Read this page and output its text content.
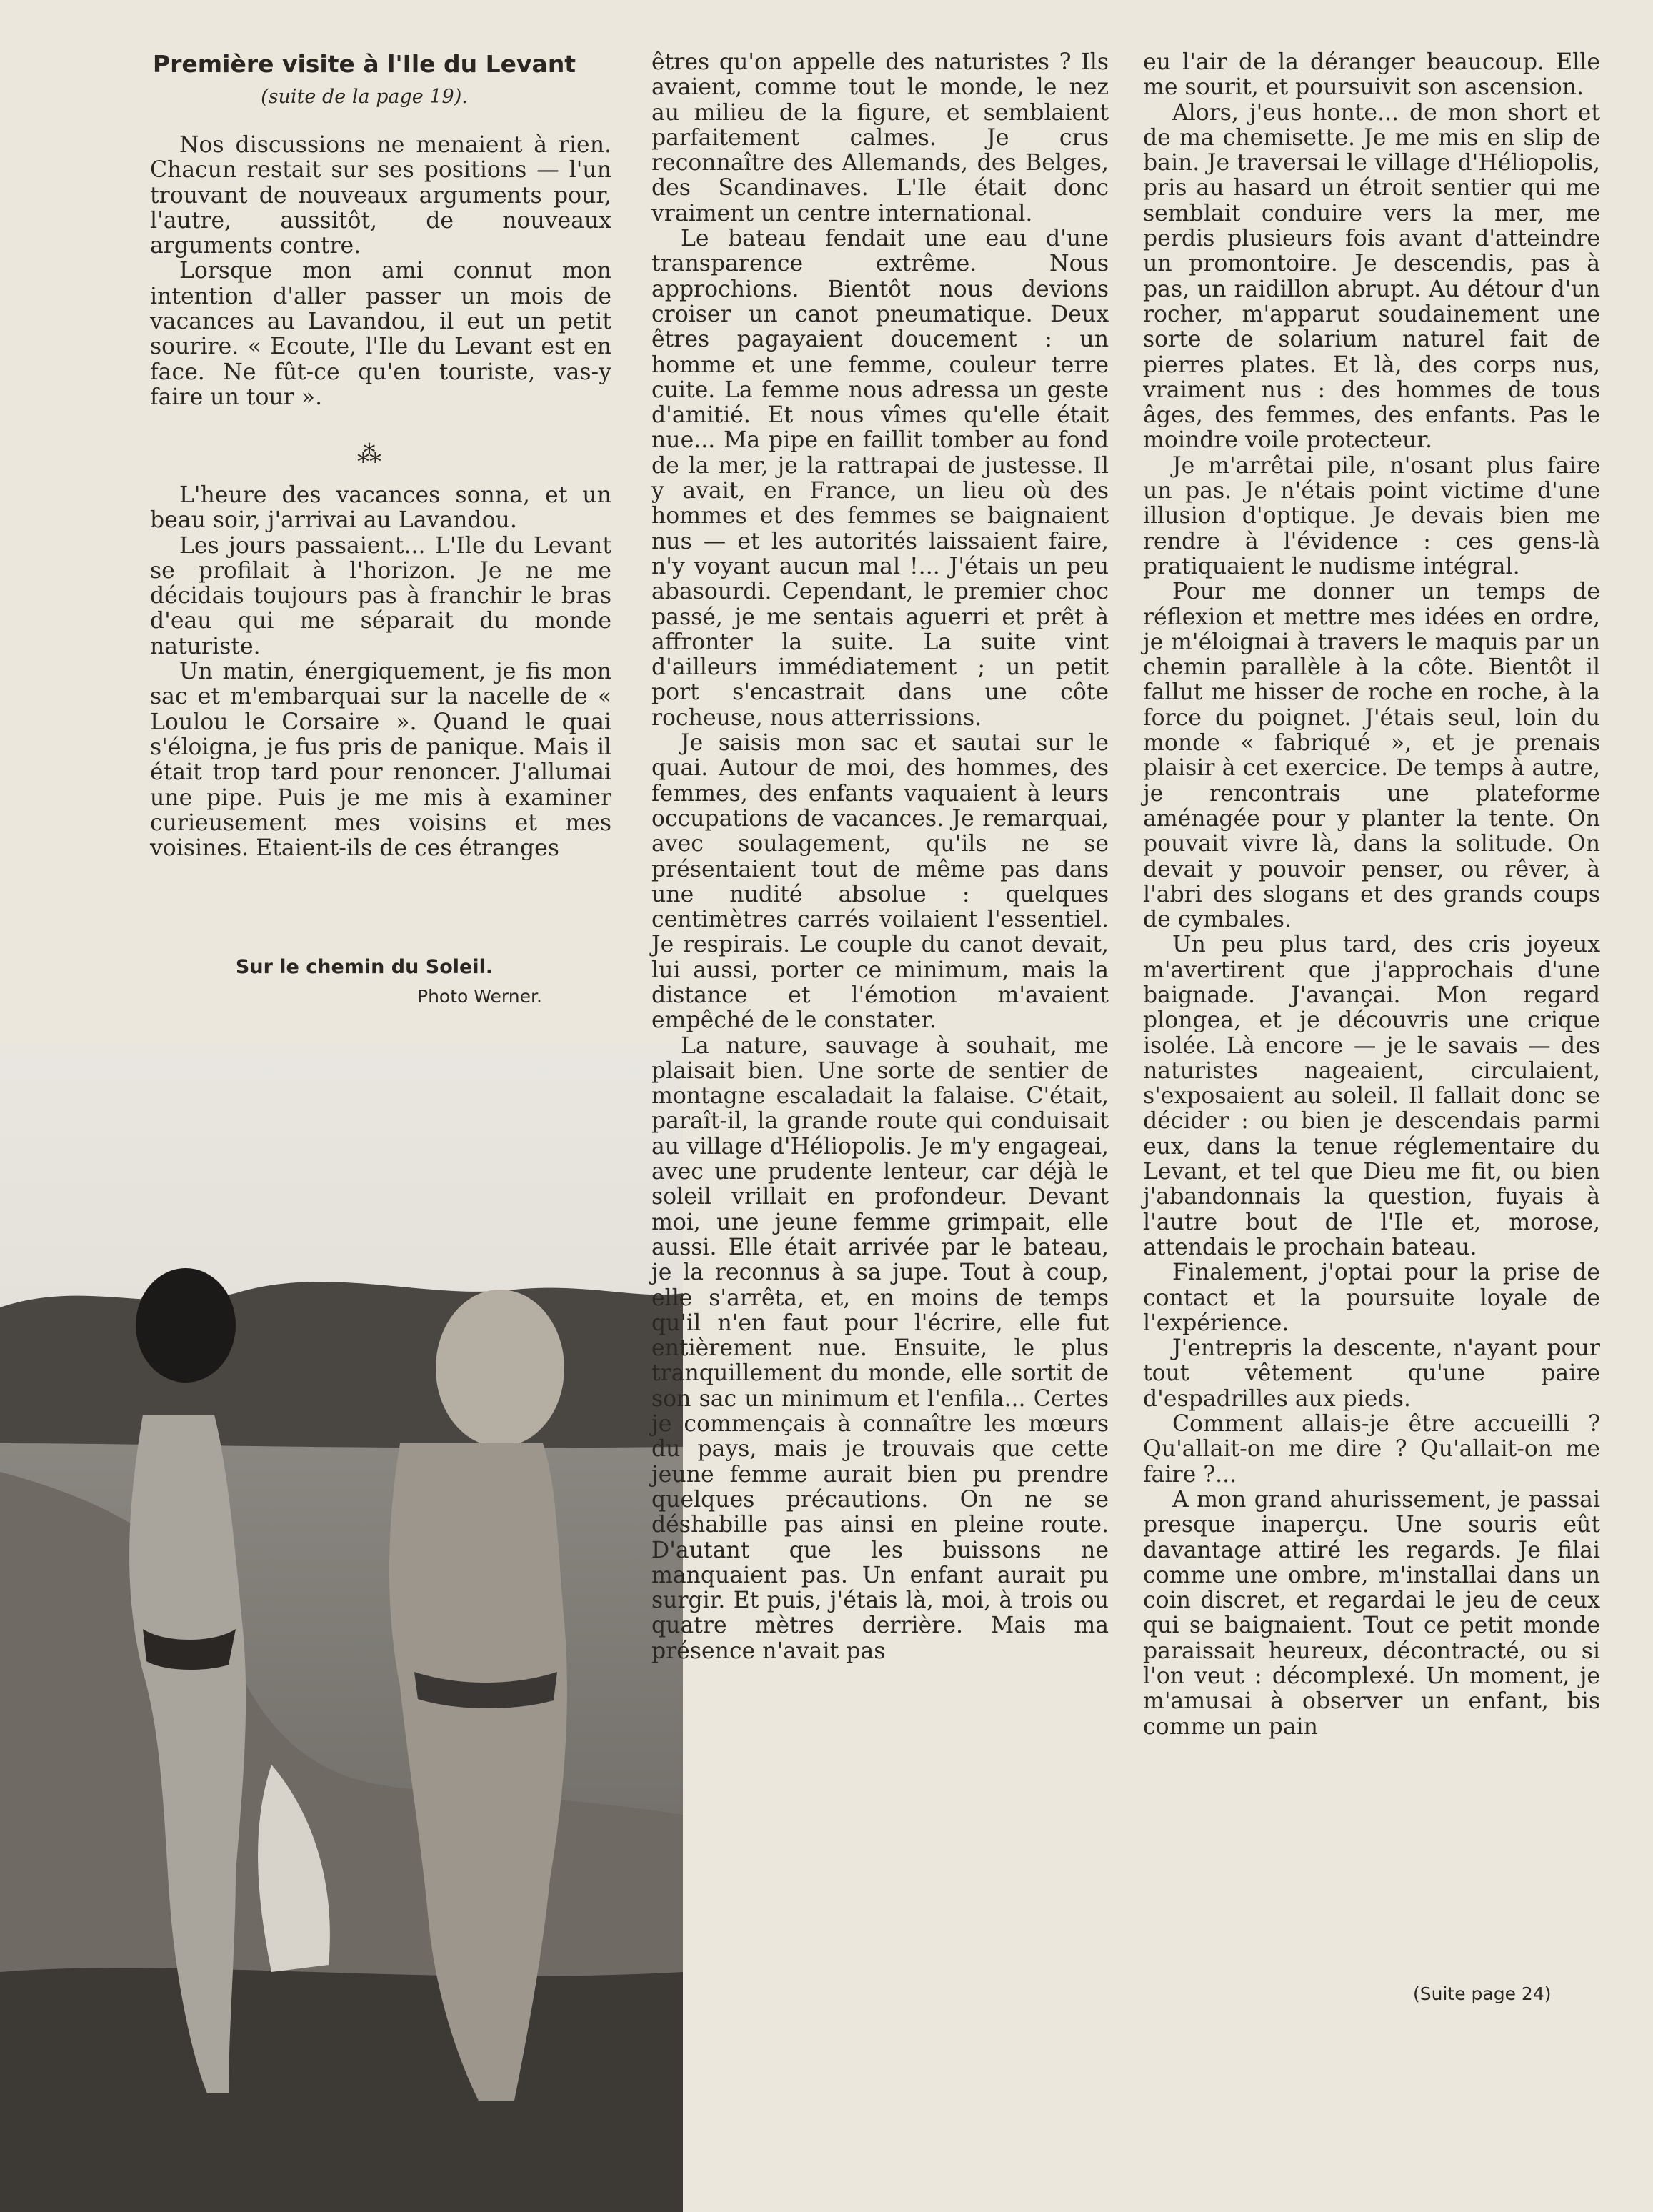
Première visite à l'Ile du Levant
(suite de la page 19).

Nos discussions ne menaient à rien. Chacun restait sur ses positions — l'un trouvant de nouveaux arguments pour, l'autre, aussitôt, de nouveaux arguments contre.

Lorsque mon ami connut mon intention d'aller passer un mois de vacances au Lavandou, il eut un petit sourire. « Ecoute, l'Ile du Levant est en face. Ne fût-ce qu'en touriste, vas-y faire un tour ».

⁂

L'heure des vacances sonna, et un beau soir, j'arrivai au Lavandou.

Les jours passaient... L'Ile du Levant se profilait à l'horizon. Je ne me décidais toujours pas à franchir le bras d'eau qui me séparait du monde naturiste.

Un matin, énergiquement, je fis mon sac et m'embarquai sur la nacelle de « Loulou le Corsaire ». Quand le quai s'éloigna, je fus pris de panique. Mais il était trop tard pour renoncer. J'allumai une pipe. Puis je me mis à examiner curieusement mes voisins et mes voisines. Etaient-ils de ces étranges

Sur le chemin du Soleil.
Photo Werner.

êtres qu'on appelle des naturistes ? Ils avaient, comme tout le monde, le nez au milieu de la figure, et semblaient parfaitement calmes. Je crus reconnaître des Allemands, des Belges, des Scandinaves. L'Ile était donc vraiment un centre international.

Le bateau fendait une eau d'une transparence extrême. Nous approchions. Bientôt nous devions croiser un canot pneumatique. Deux êtres pagayaient doucement : un homme et une femme, couleur terre cuite. La femme nous adressa un geste d'amitié. Et nous vîmes qu'elle était nue... Ma pipe en faillit tomber au fond de la mer, je la rattrapai de justesse. Il y avait, en France, un lieu où des hommes et des femmes se baignaient nus — et les autorités laissaient faire, n'y voyant aucun mal !... J'étais un peu abasourdi. Cependant, le premier choc passé, je me sentais aguerri et prêt à affronter la suite. La suite vint d'ailleurs immédiatement ; un petit port s'encastrait dans une côte rocheuse, nous atterrissions.

Je saisis mon sac et sautai sur le quai. Autour de moi, des hommes, des femmes, des enfants vaquaient à leurs occupations de vacances. Je remarquai, avec soulagement, qu'ils ne se présentaient tout de même pas dans une nudité absolue : quelques centimètres carrés voilaient l'essentiel. Je respirais. Le couple du canot devait, lui aussi, porter ce minimum, mais la distance et l'émotion m'avaient empêché de le constater.

La nature, sauvage à souhait, me plaisait bien. Une sorte de sentier de montagne escaladait la falaise. C'était, paraît-il, la grande route qui conduisait au village d'Héliopolis. Je m'y engageai, avec une prudente lenteur, car déjà le soleil vrillait en profondeur. Devant moi, une jeune femme grimpait, elle aussi. Elle était arrivée par le bateau, je la reconnus à sa jupe. Tout à coup, elle s'arrêta, et, en moins de temps qu'il n'en faut pour l'écrire, elle fut entièrement nue. Ensuite, le plus tranquillement du monde, elle sortit de son sac un minimum et l'enfila... Certes je commençais à connaître les mœurs du pays, mais je trouvais que cette jeune femme aurait bien pu prendre quelques précautions. On ne se déshabille pas ainsi en pleine route. D'autant que les buissons ne manquaient pas. Un enfant aurait pu surgir. Et puis, j'étais là, moi, à trois ou quatre mètres derrière. Mais ma présence n'avait pas

eu l'air de la déranger beaucoup. Elle me sourit, et poursuivit son ascension.

Alors, j'eus honte... de mon short et de ma chemisette. Je me mis en slip de bain. Je traversai le village d'Héliopolis, pris au hasard un étroit sentier qui me semblait conduire vers la mer, me perdis plusieurs fois avant d'atteindre un promontoire. Je descendis, pas à pas, un raidillon abrupt. Au détour d'un rocher, m'apparut soudainement une sorte de solarium naturel fait de pierres plates. Et là, des corps nus, vraiment nus : des hommes de tous âges, des femmes, des enfants. Pas le moindre voile protecteur.

Je m'arrêtai pile, n'osant plus faire un pas. Je n'étais point victime d'une illusion d'optique. Je devais bien me rendre à l'évidence : ces gens-là pratiquaient le nudisme intégral.

Pour me donner un temps de réflexion et mettre mes idées en ordre, je m'éloignai à travers le maquis par un chemin parallèle à la côte. Bientôt il fallut me hisser de roche en roche, à la force du poignet. J'étais seul, loin du monde « fabriqué », et je prenais plaisir à cet exercice. De temps à autre, je rencontrais une plateforme aménagée pour y planter la tente. On pouvait vivre là, dans la solitude. On devait y pouvoir penser, ou rêver, à l'abri des slogans et des grands coups de cymbales.

Un peu plus tard, des cris joyeux m'avertirent que j'approchais d'une baignade. J'avançai. Mon regard plongea, et je découvris une crique isolée. Là encore — je le savais — des naturistes nageaient, circulaient, s'exposaient au soleil. Il fallait donc se décider : ou bien je descendais parmi eux, dans la tenue réglementaire du Levant, et tel que Dieu me fit, ou bien j'abandonnais la question, fuyais à l'autre bout de l'Ile et, morose, attendais le prochain bateau.

Finalement, j'optai pour la prise de contact et la poursuite loyale de l'expérience.

J'entrepris la descente, n'ayant pour tout vêtement qu'une paire d'espadrilles aux pieds.

Comment allais-je être accueilli ? Qu'allait-on me dire ? Qu'allait-on me faire ?...

A mon grand ahurissement, je passai presque inaperçu. Une souris eût davantage attiré les regards. Je filai comme une ombre, m'installai dans un coin discret, et regardai le jeu de ceux qui se baignaient. Tout ce petit monde paraissait heureux, décontracté, ou si l'on veut : décomplexé. Un moment, je m'amusai à observer un enfant, bis comme un pain

(Suite page 24)
